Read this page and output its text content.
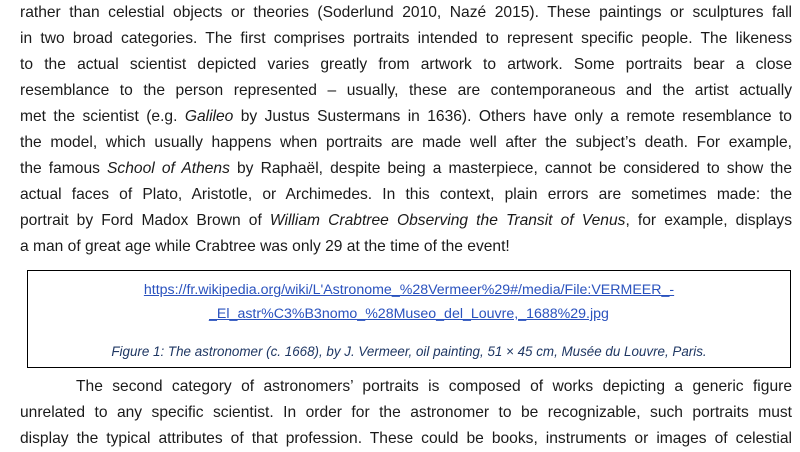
rather than celestial objects or theories (Soderlund 2010, Nazé 2015). These paintings or sculptures fall
in two broad categories. The first comprises portraits intended to represent specific people. The likeness
to the actual scientist depicted varies greatly from artwork to artwork. Some portraits bear a close
resemblance to the person represented – usually, these are contemporaneous and the artist actually
met the scientist (e.g. Galileo by Justus Sustermans in 1636). Others have only a remote resemblance to
the model, which usually happens when portraits are made well after the subject’s death. For example,
the famous School of Athens by Raphaël, despite being a masterpiece, cannot be considered to show the
actual faces of Plato, Aristotle, or Archimedes. In this context, plain errors are sometimes made: the
portrait by Ford Madox Brown of William Crabtree Observing the Transit of Venus, for example, displays
a man of great age while Crabtree was only 29 at the time of the event!
https://fr.wikipedia.org/wiki/L'Astronome_%28Vermeer%29#/media/File:VERMEER_-
_El_astr%C3%B3nomo_%28Museo_del_Louvre,_1688%29.jpg
Figure 1: The astronomer (c. 1668), by J. Vermeer, oil painting, 51 × 45 cm, Musée du Louvre, Paris.
The second category of astronomers’ portraits is composed of works depicting a generic figure
unrelated to any specific scientist. In order for the astronomer to be recognizable, such portraits must
display the typical attributes of that profession. These could be books, instruments or images of celestial
